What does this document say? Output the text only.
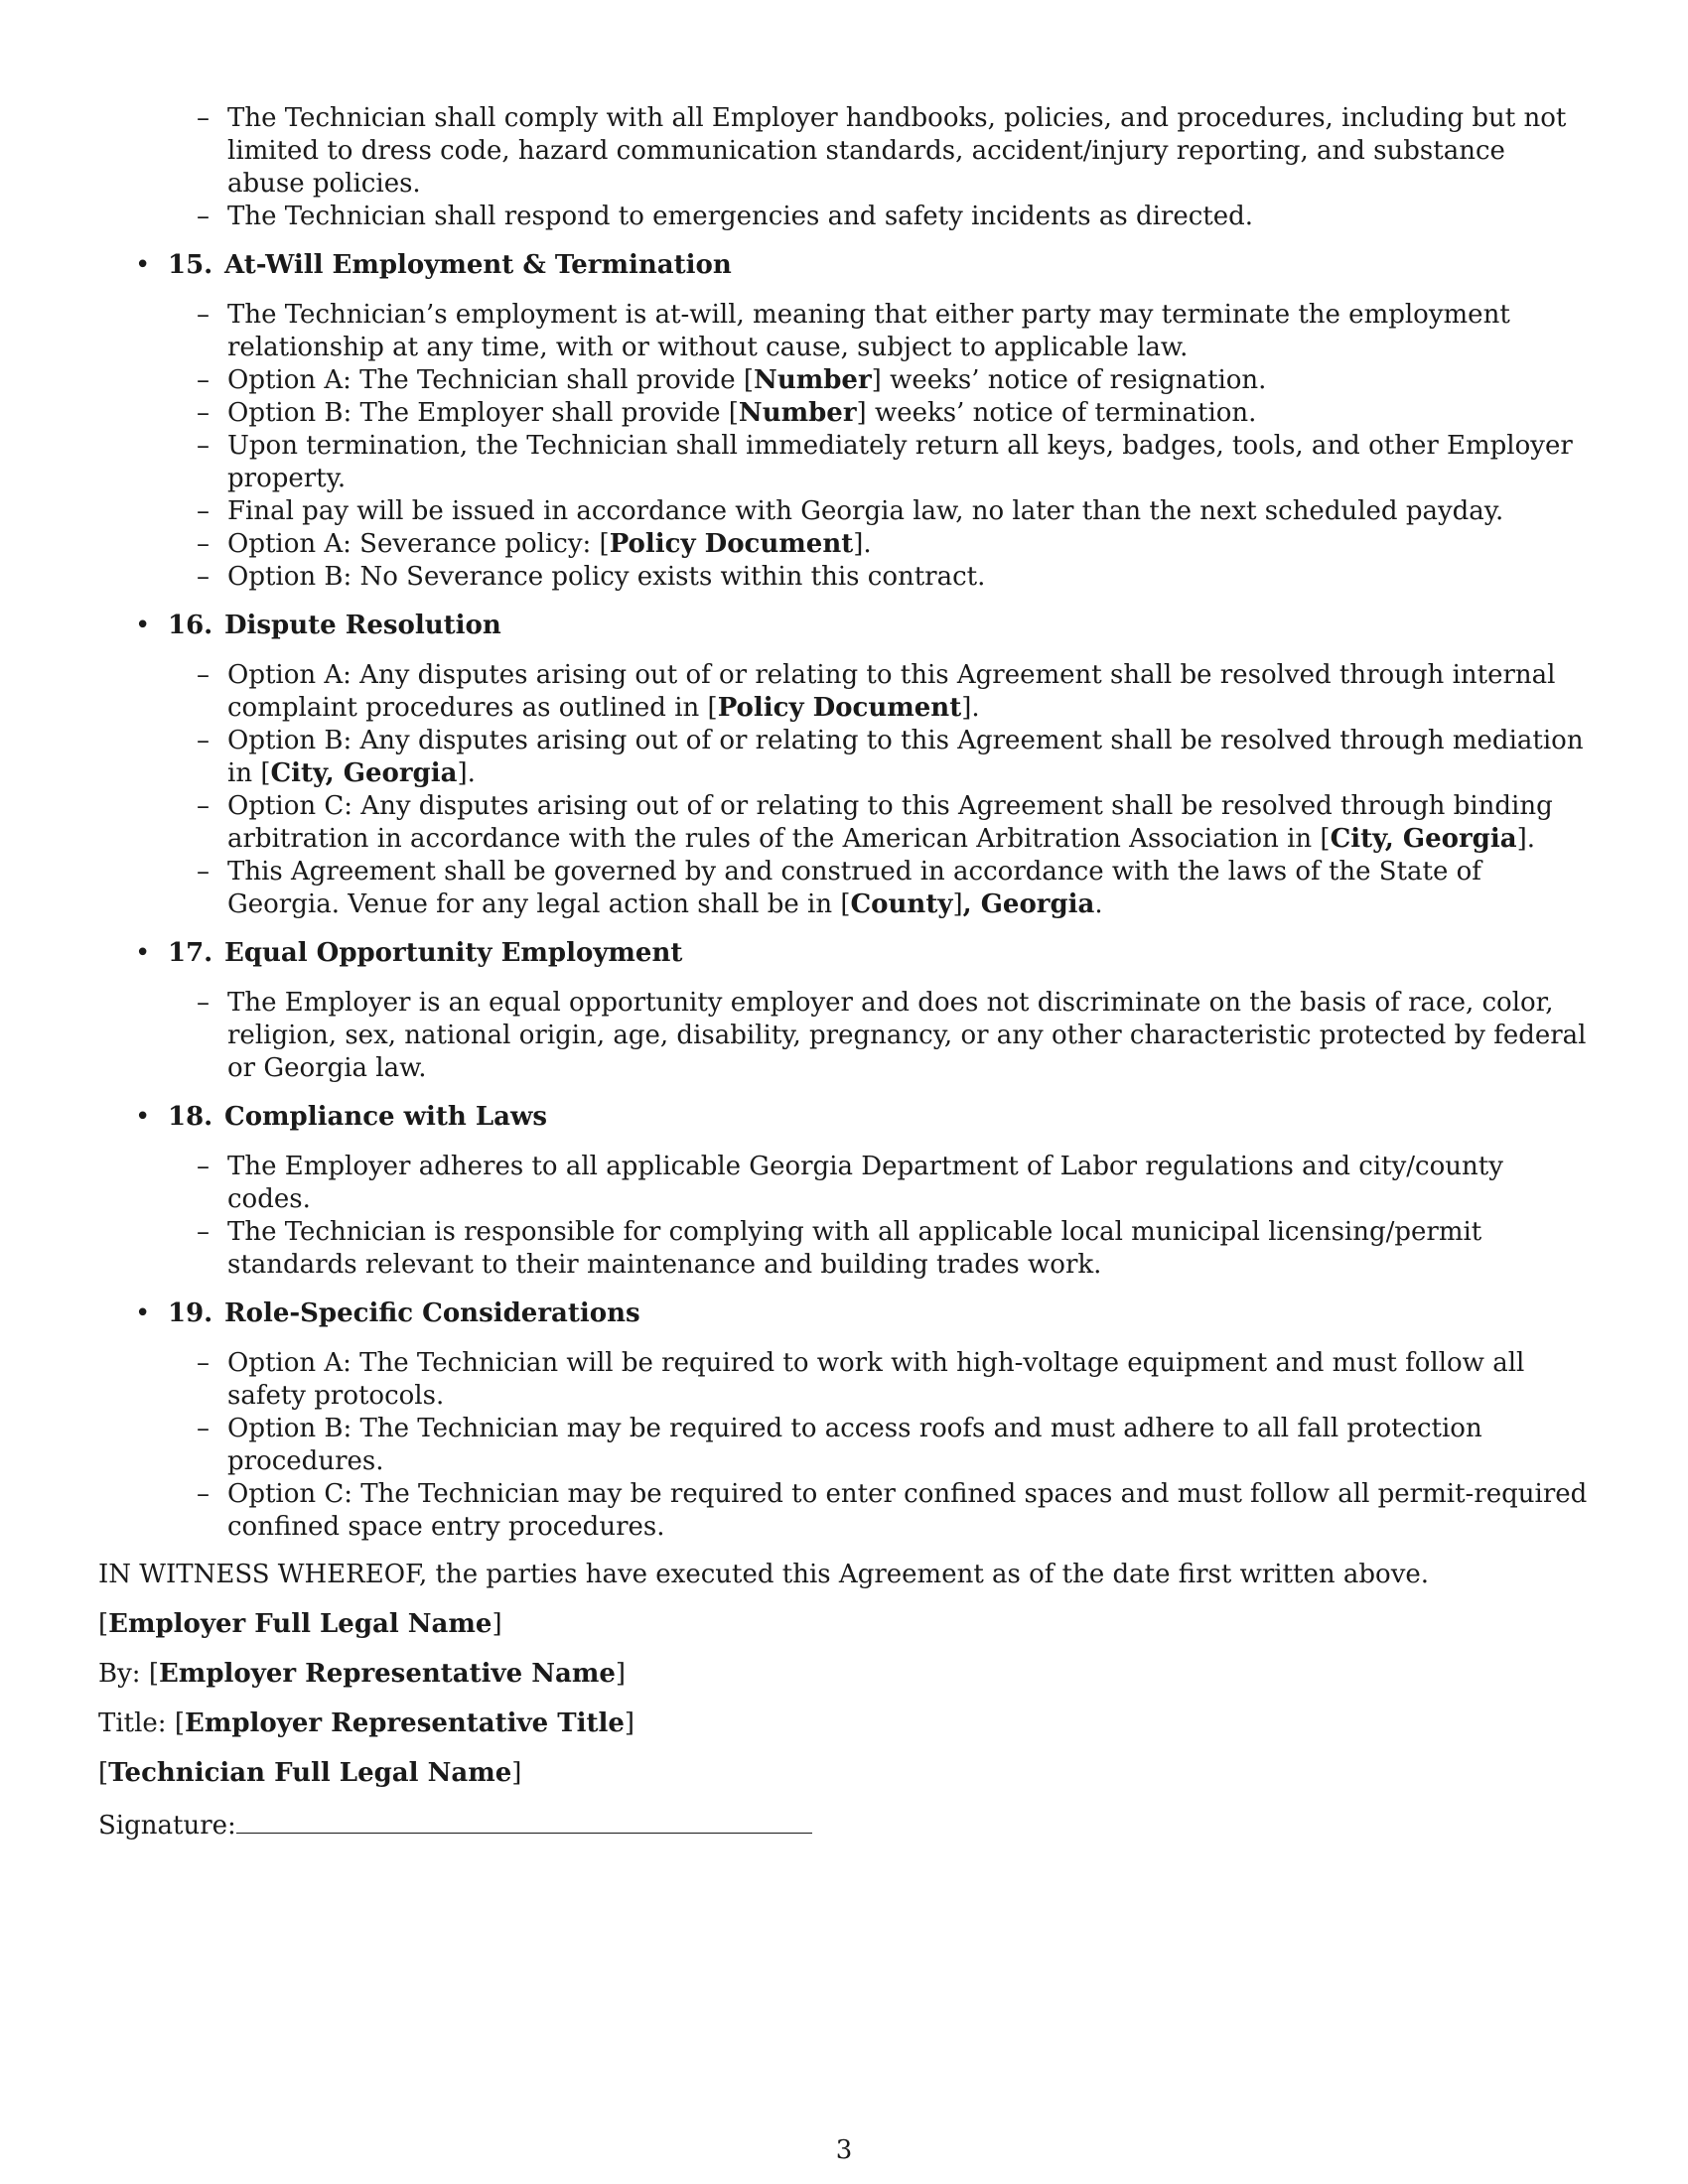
– The Technician shall comply with all Employer handbooks, policies, and procedures, including but not limited to dress code, hazard communication standards, accident/injury reporting, and substance abuse policies.
– The Technician shall respond to emergencies and safety incidents as directed.
• 15. At-Will Employment & Termination
– The Technician’s employment is at-will, meaning that either party may terminate the employment relationship at any time, with or without cause, subject to applicable law.
– Option A: The Technician shall provide [Number] weeks’ notice of resignation.
– Option B: The Employer shall provide [Number] weeks’ notice of termination.
– Upon termination, the Technician shall immediately return all keys, badges, tools, and other Employer property.
– Final pay will be issued in accordance with Georgia law, no later than the next scheduled payday.
– Option A: Severance policy: [Policy Document].
– Option B: No Severance policy exists within this contract.
• 16. Dispute Resolution
– Option A: Any disputes arising out of or relating to this Agreement shall be resolved through internal complaint procedures as outlined in [Policy Document].
– Option B: Any disputes arising out of or relating to this Agreement shall be resolved through mediation in [City, Georgia].
– Option C: Any disputes arising out of or relating to this Agreement shall be resolved through binding arbitration in accordance with the rules of the American Arbitration Association in [City, Georgia].
– This Agreement shall be governed by and construed in accordance with the laws of the State of Georgia. Venue for any legal action shall be in [County], Georgia.
• 17. Equal Opportunity Employment
– The Employer is an equal opportunity employer and does not discriminate on the basis of race, color, religion, sex, national origin, age, disability, pregnancy, or any other characteristic protected by federal or Georgia law.
• 18. Compliance with Laws
– The Employer adheres to all applicable Georgia Department of Labor regulations and city/county codes.
– The Technician is responsible for complying with all applicable local municipal licensing/permit standards relevant to their maintenance and building trades work.
• 19. Role-Specific Considerations
– Option A: The Technician will be required to work with high-voltage equipment and must follow all safety protocols.
– Option B: The Technician may be required to access roofs and must adhere to all fall protection procedures.
– Option C: The Technician may be required to enter confined spaces and must follow all permit-required confined space entry procedures.
IN WITNESS WHEREOF, the parties have executed this Agreement as of the date first written above.
[Employer Full Legal Name]
By: [Employer Representative Name]
Title: [Employer Representative Title]
[Technician Full Legal Name]
Signature:
3
